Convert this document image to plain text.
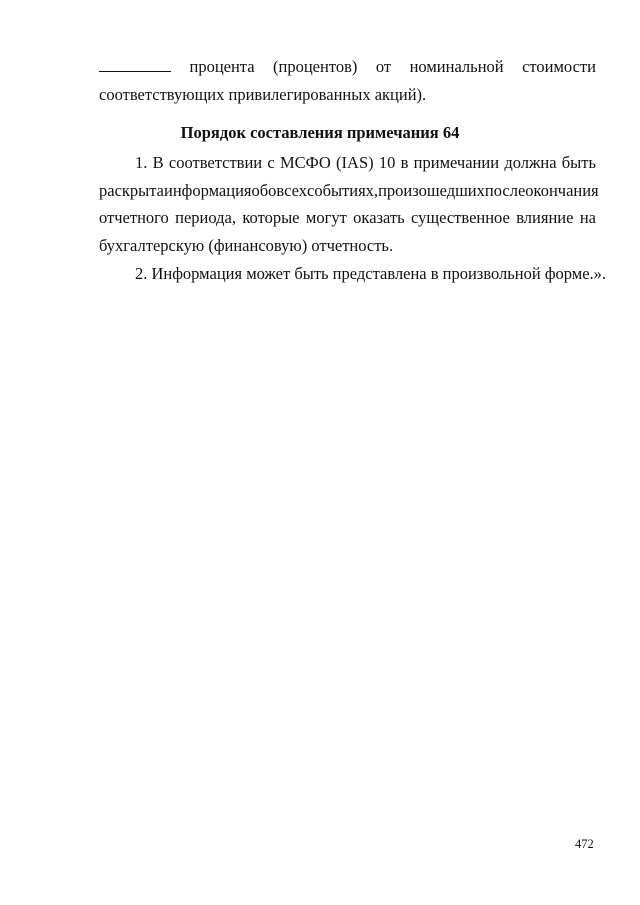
процента (процентов) от номинальной стоимости
соответствующих привилегированных акций).
Порядок составления примечания 64
1. В соответствии с МСФО (IAS) 10 в примечании должна быть
раскрыта информация обо всех событиях, произошедших после окончания
отчетного периода, которые могут оказать существенное влияние на
бухгалтерскую (финансовую) отчетность.
2. Информация может быть представлена в произвольной форме.».
472
